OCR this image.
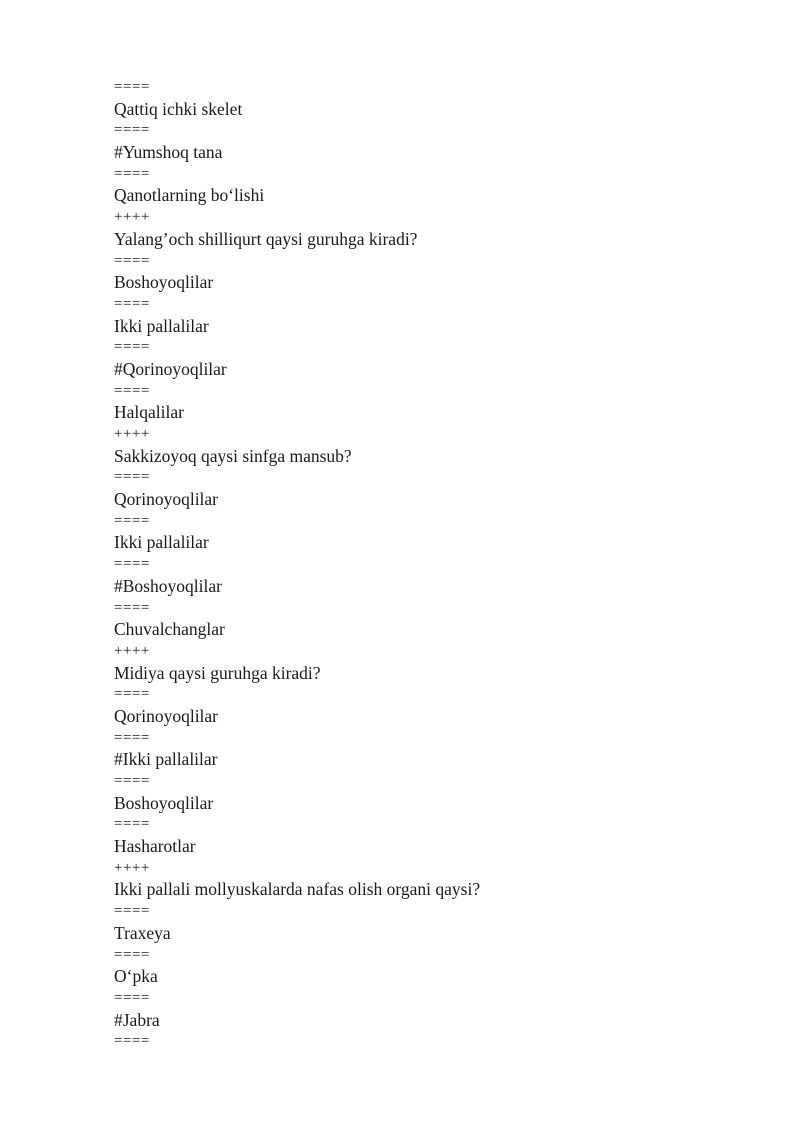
====
Qattiq ichki skelet
====
#Yumshoq tana
====
Qanotlarning bo‘lishi
++++
Yalang’och shilliqurt qaysi guruhga kiradi?
====
Boshoyoqlilar
====
Ikki pallalilar
====
#Qorinoyoqlilar
====
Halqalilar
++++
Sakkizoyoq qaysi sinfga mansub?
====
Qorinoyoqlilar
====
Ikki pallalilar
====
#Boshoyoqlilar
====
Chuvalchanglar
++++
Midiya qaysi guruhga kiradi?
====
Qorinoyoqlilar
====
#Ikki pallalilar
====
Boshoyoqlilar
====
Hasharotlar
++++
Ikki pallali mollyuskalarda nafas olish organi qaysi?
====
Traxeya
====
O‘pka
====
#Jabra
====
